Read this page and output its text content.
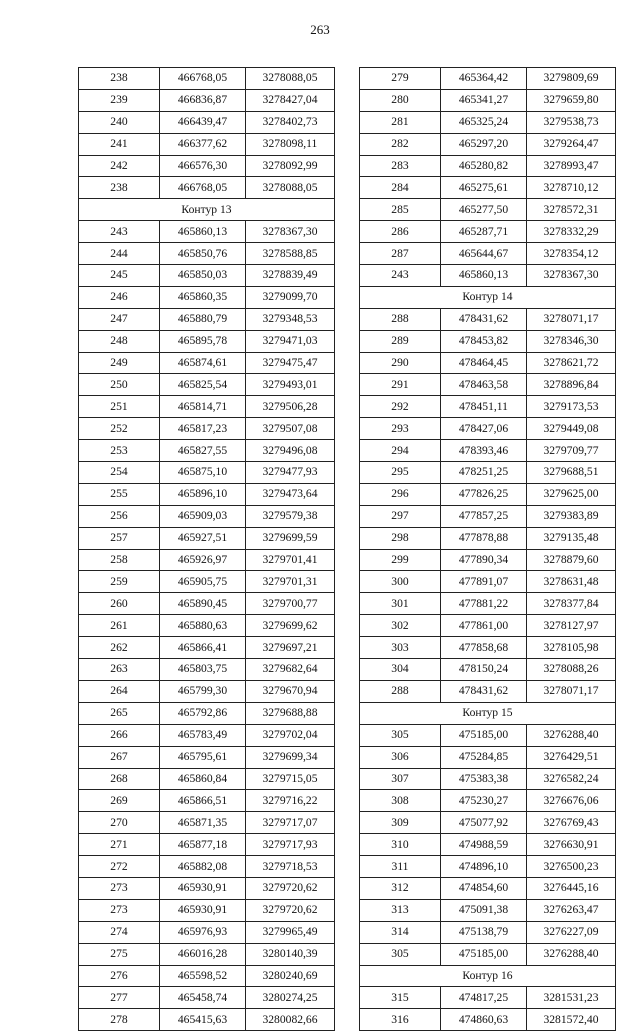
263
238	466768,05	3278088,05
239	466836,87	3278427,04
240	466439,47	3278402,73
241	466377,62	3278098,11
242	466576,30	3278092,99
238	466768,05	3278088,05
Контур 13		
243	465860,13	3278367,30
244	465850,76	3278588,85
245	465850,03	3278839,49
246	465860,35	3279099,70
247	465880,79	3279348,53
248	465895,78	3279471,03
249	465874,61	3279475,47
250	465825,54	3279493,01
251	465814,71	3279506,28
252	465817,23	3279507,08
253	465827,55	3279496,08
254	465875,10	3279477,93
255	465896,10	3279473,64
256	465909,03	3279579,38
257	465927,51	3279699,59
258	465926,97	3279701,41
259	465905,75	3279701,31
260	465890,45	3279700,77
261	465880,63	3279699,62
262	465866,41	3279697,21
263	465803,75	3279682,64
264	465799,30	3279670,94
265	465792,86	3279688,88
266	465783,49	3279702,04
267	465795,61	3279699,34
268	465860,84	3279715,05
269	465866,51	3279716,22
270	465871,35	3279717,07
271	465877,18	3279717,93
272	465882,08	3279718,53
273	465930,91	3279720,62
273	465930,91	3279720,62
274	465976,93	3279965,49
275	466016,28	3280140,39
276	465598,52	3280240,69
277	465458,74	3280274,25
278	465415,63	3280082,66
279	465364,42	3279809,69
280	465341,27	3279659,80
281	465325,24	3279538,73
282	465297,20	3279264,47
283	465280,82	3278993,47
284	465275,61	3278710,12
285	465277,50	3278572,31
286	465287,71	3278332,29
287	465644,67	3278354,12
243	465860,13	3278367,30
Контур 14		
288	478431,62	3278071,17
289	478453,82	3278346,30
290	478464,45	3278621,72
291	478463,58	3278896,84
292	478451,11	3279173,53
293	478427,06	3279449,08
294	478393,46	3279709,77
295	478251,25	3279688,51
296	477826,25	3279625,00
297	477857,25	3279383,89
298	477878,88	3279135,48
299	477890,34	3278879,60
300	477891,07	3278631,48
301	477881,22	3278377,84
302	477861,00	3278127,97
303	477858,68	3278105,98
304	478150,24	3278088,26
288	478431,62	3278071,17
Контур 15		
305	475185,00	3276288,40
306	475284,85	3276429,51
307	475383,38	3276582,24
308	475230,27	3276676,06
309	475077,92	3276769,43
310	474988,59	3276630,91
311	474896,10	3276500,23
312	474854,60	3276445,16
313	475091,38	3276263,47
314	475138,79	3276227,09
305	475185,00	3276288,40
Контур 16		
315	474817,25	3281531,23
316	474860,63	3281572,40
